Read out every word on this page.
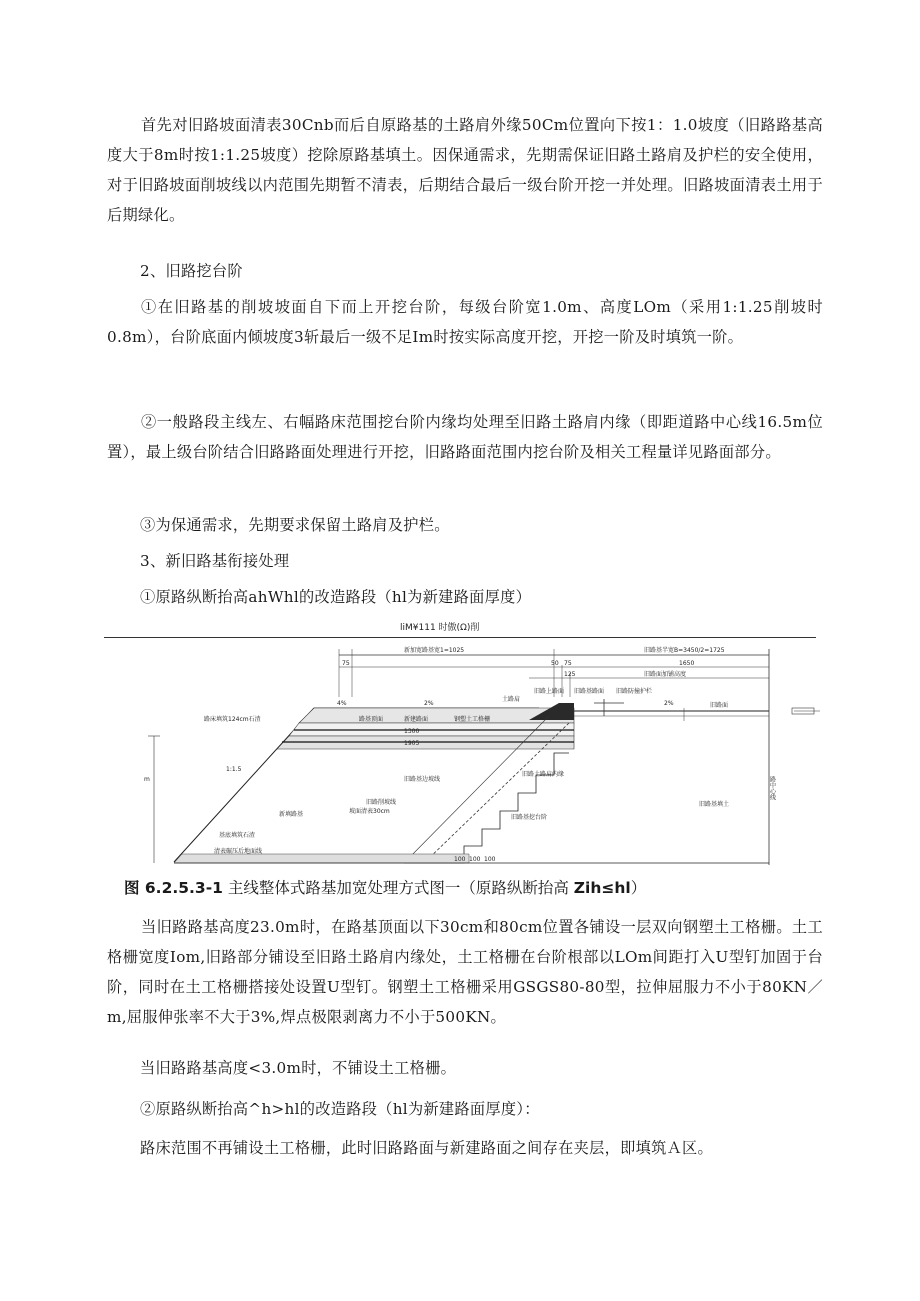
首先对旧路坡面清表30Cnb而后自原路基的土路肩外缘50Cm位置向下按1：1.0坡度（旧路路基高度大于8m时按1:1.25坡度）挖除原路基填土。因保通需求，先期需保证旧路土路肩及护栏的安全使用，对于旧路坡面削坡线以内范围先期暂不清表，后期结合最后一级台阶开挖一并处理。旧路坡面清表土用于后期绿化。
2、旧路挖台阶
①在旧路基的削坡坡面自下而上开挖台阶，每级台阶宽1.0m、高度LOm（采用1:1.25削坡时0.8m），台阶底面内倾坡度3斩最后一级不足Im时按实际高度开挖，开挖一阶及时填筑一阶。
②一般路段主线左、右幅路床范围挖台阶内缘均处理至旧路土路肩内缘（即距道路中心线16.5m位置），最上级台阶结合旧路路面处理进行开挖，旧路路面范围内挖台阶及相关工程量详见路面部分。
③为保通需求，先期要求保留土路肩及护栏。
3、新旧路基衔接处理
①原路纵断抬高ahWhl的改造路段（hl为新建路面厚度）
liM¥111 时傲(Ω)削
新加宽路基宽1=1025	旧路基半宽B=3450/2=1725
75	50 75
125
1650
旧路面加铺高度
4%	2%	2%
路床填筑124cm石渣	路基顶面	新建路面	钢塑土工格栅
1300
1905
土路肩
旧路上路面 旧路基路面 旧路防撞护栏
旧路面
1:1.5
m
新填路基
旧路基填土
路中心线
旧路土路肩内缘
旧路基边坡线
坡面清表30cm
旧路削坡线
旧路基挖台阶
基底填筑石渣
清表碾压后地面线
100 100 100
图 6.2.5.3-1 主线整体式路基加宽处理方式图一（原路纵断抬高 Zih≤hl）
当旧路路基高度23.0m时，在路基顶面以下30cm和80cm位置各铺设一层双向钢塑土工格栅。土工格栅宽度Iom,旧路部分铺设至旧路土路肩内缘处，土工格栅在台阶根部以LOm间距打入U型钉加固于台阶，同时在土工格栅搭接处设置U型钉。钢塑土工格栅采用GSGS80-80型，拉伸屈服力不小于80KN／m,屈服伸张率不大于3%,焊点极限剥离力不小于500KN。
当旧路路基高度<3.0m时，不铺设土工格栅。
②原路纵断抬高^h>hl的改造路段（hl为新建路面厚度）：
路床范围不再铺设土工格栅，此时旧路路面与新建路面之间存在夹层，即填筑Ａ区。
